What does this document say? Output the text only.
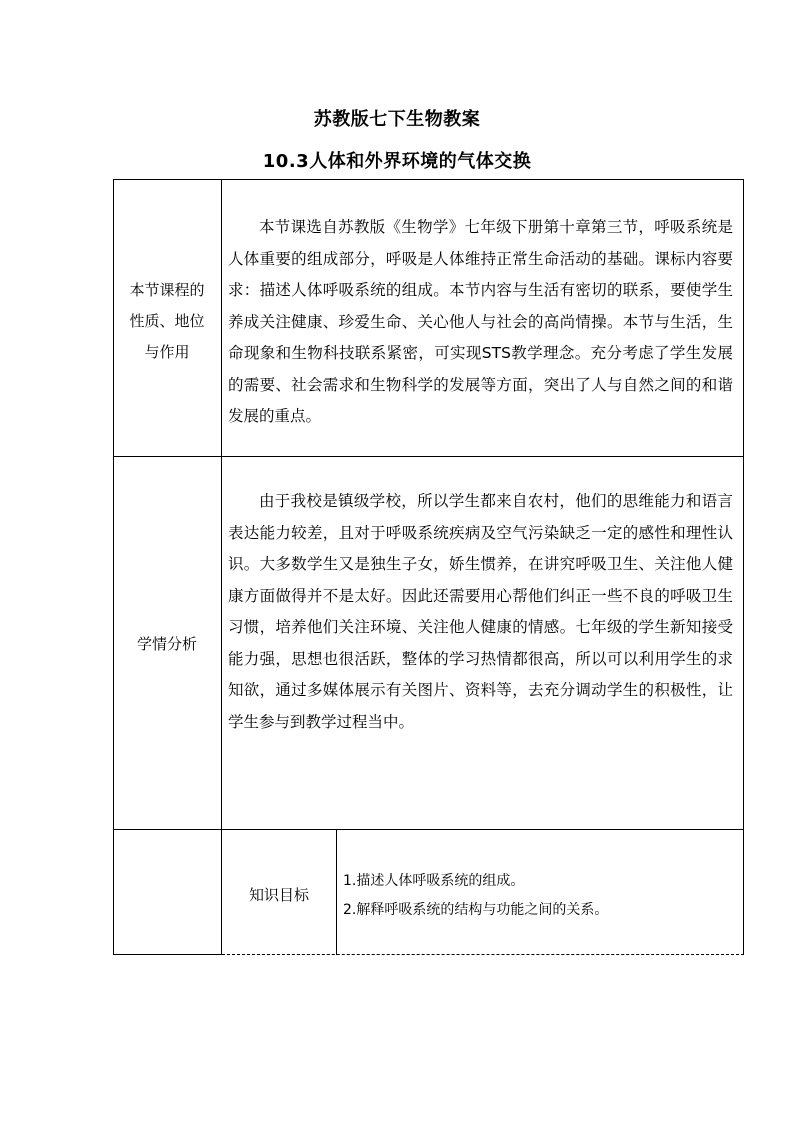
苏教版七下生物教案
10.3人体和外界环境的气体交换
本节课程的
性质、地位
与作用
本节课选自苏教版《生物学》七年级下册第十章第三节，呼吸系统是人体重要的组成部分，呼吸是人体维持正常生命活动的基础。课标内容要求：描述人体呼吸系统的组成。本节内容与生活有密切的联系，要使学生养成关注健康、珍爱生命、关心他人与社会的高尚情操。本节与生活，生命现象和生物科技联系紧密，可实现STS教学理念。充分考虑了学生发展的需要、社会需求和生物科学的发展等方面，突出了人与自然之间的和谐发展的重点。
学情分析
由于我校是镇级学校，所以学生都来自农村，他们的思维能力和语言表达能力较差，且对于呼吸系统疾病及空气污染缺乏一定的感性和理性认识。大多数学生又是独生子女，娇生惯养，在讲究呼吸卫生、关注他人健康方面做得并不是太好。因此还需要用心帮他们纠正一些不良的呼吸卫生习惯，培养他们关注环境、关注他人健康的情感。七年级的学生新知接受能力强，思想也很活跃，整体的学习热情都很高，所以可以利用学生的求知欲，通过多媒体展示有关图片、资料等，去充分调动学生的积极性，让学生参与到教学过程当中。
知识目标
1.描述人体呼吸系统的组成。
2.解释呼吸系统的结构与功能之间的关系。
